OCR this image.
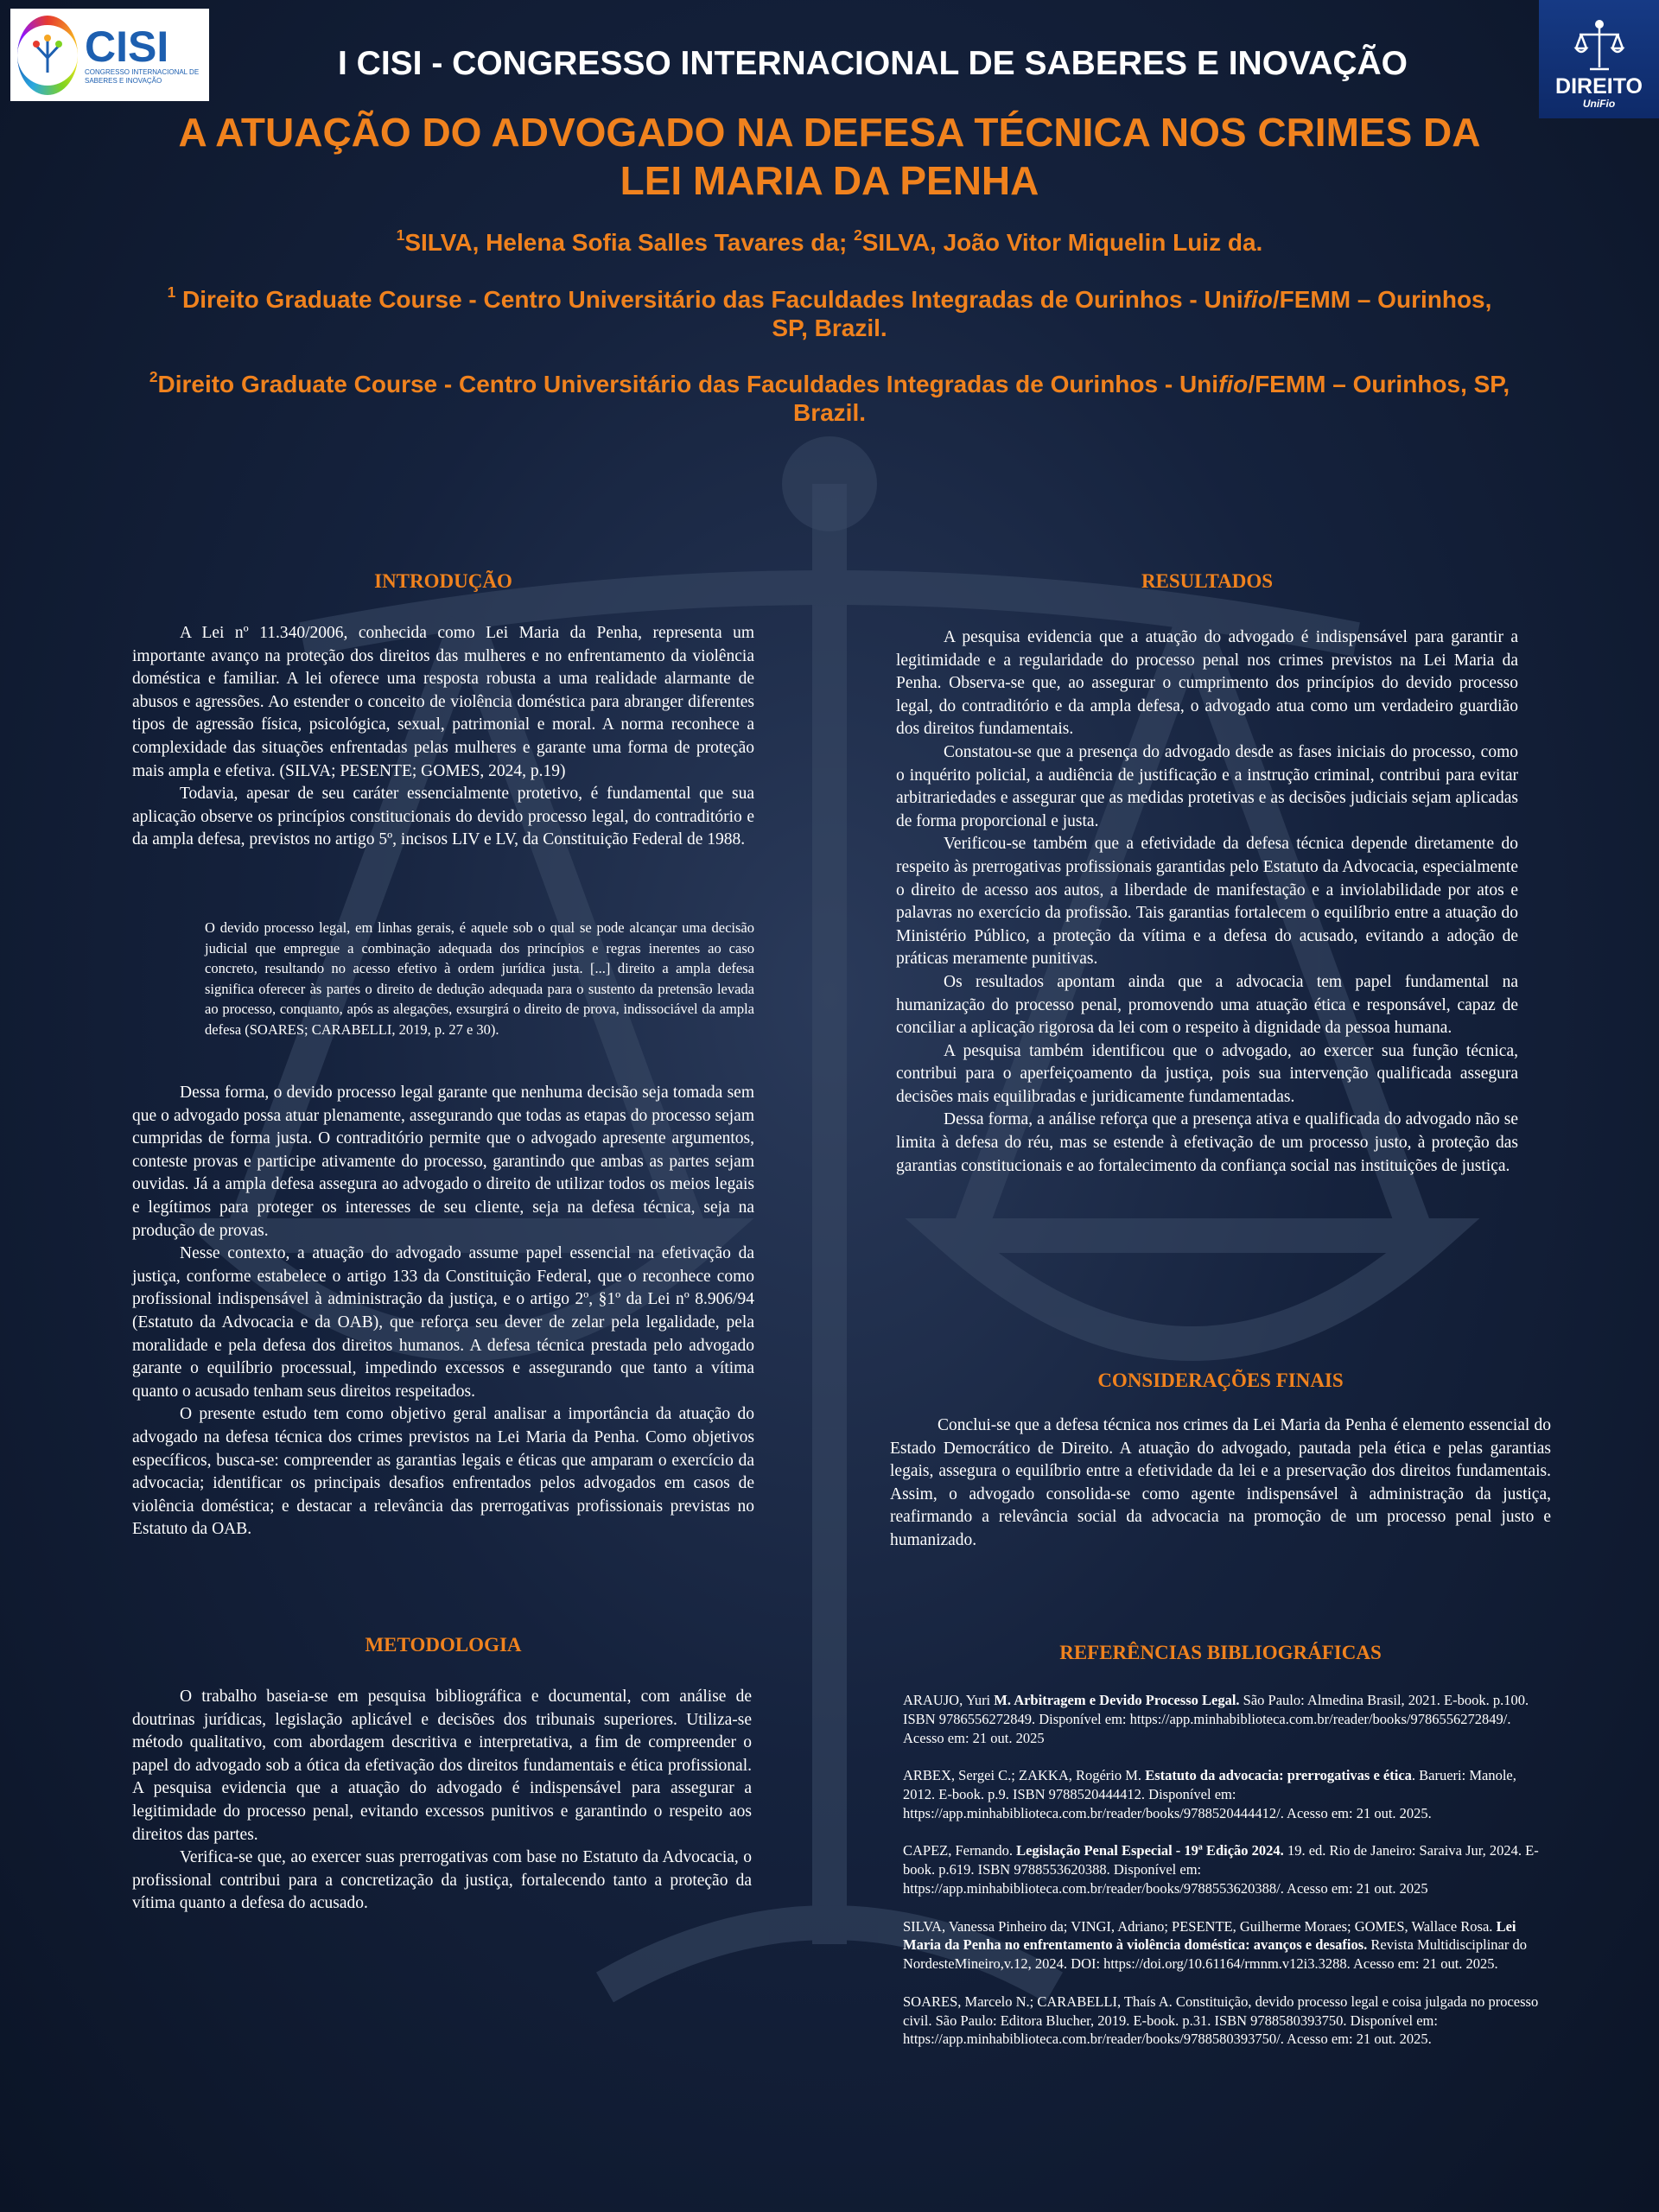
CISI
CONGRESSO INTERNACIONAL DE SABERES E INOVAÇÃO	DIREITO
UniFio
I CISI - CONGRESSO INTERNACIONAL DE SABERES E INOVAÇÃO
A ATUAÇÃO DO ADVOGADO NA DEFESA TÉCNICA NOS CRIMES DA
LEI MARIA DA PENHA
$^1$SILVA, Helena Sofia Salles Tavares da; $^2$SILVA, João Vitor Miquelin Luiz da.
$^1$ Direito Graduate Course - Centro Universitário das Faculdades Integradas de Ourinhos - Unifio/FEMM – Ourinhos,
SP, Brazil.
$^2$Direito Graduate Course - Centro Universitário das Faculdades Integradas de Ourinhos - Unifio/FEMM – Ourinhos, SP,
Brazil.
INTRODUÇÃO

A Lei nº 11.340/2006, conhecida como Lei Maria da Penha, representa um importante avanço na proteção dos direitos das mulheres e no enfrentamento da violência doméstica e familiar. A lei oferece uma resposta robusta a uma realidade alarmante de abusos e agressões. Ao estender o conceito de violência doméstica para abranger diferentes tipos de agressão física, psicológica, sexual, patrimonial e moral. A norma reconhece a complexidade das situações enfrentadas pelas mulheres e garante uma forma de proteção mais ampla e efetiva. (SILVA; PESENTE; GOMES, 2024, p.19)

Todavia, apesar de seu caráter essencialmente protetivo, é fundamental que sua aplicação observe os princípios constitucionais do devido processo legal, do contraditório e da ampla defesa, previstos no artigo 5º, incisos LIV e LV, da Constituição Federal de 1988.

O devido processo legal, em linhas gerais, é aquele sob o qual se pode alcançar uma decisão judicial que empregue a combinação adequada dos princípios e regras inerentes ao caso concreto, resultando no acesso efetivo à ordem jurídica justa. [...] direito a ampla defesa significa oferecer às partes o direito de dedução adequada para o sustento da pretensão levada ao processo, conquanto, após as alegações, exsurgirá o direito de prova, indissociável da ampla defesa (SOARES; CARABELLI, 2019, p. 27 e 30).

Dessa forma, o devido processo legal garante que nenhuma decisão seja tomada sem que o advogado possa atuar plenamente, assegurando que todas as etapas do processo sejam cumpridas de forma justa. O contraditório permite que o advogado apresente argumentos, conteste provas e participe ativamente do processo, garantindo que ambas as partes sejam ouvidas. Já a ampla defesa assegura ao advogado o direito de utilizar todos os meios legais e legítimos para proteger os interesses de seu cliente, seja na defesa técnica, seja na produção de provas.

Nesse contexto, a atuação do advogado assume papel essencial na efetivação da justiça, conforme estabelece o artigo 133 da Constituição Federal, que o reconhece como profissional indispensável à administração da justiça, e o artigo 2º, §1º da Lei nº 8.906/94 (Estatuto da Advocacia e da OAB), que reforça seu dever de zelar pela legalidade, pela moralidade e pela defesa dos direitos humanos. A defesa técnica prestada pelo advogado garante o equilíbrio processual, impedindo excessos e assegurando que tanto a vítima quanto o acusado tenham seus direitos respeitados.

O presente estudo tem como objetivo geral analisar a importância da atuação do advogado na defesa técnica dos crimes previstos na Lei Maria da Penha. Como objetivos específicos, busca-se: compreender as garantias legais e éticas que amparam o exercício da advocacia; identificar os principais desafios enfrentados pelos advogados em casos de violência doméstica; e destacar a relevância das prerrogativas profissionais previstas no Estatuto da OAB.

METODOLOGIA

O trabalho baseia-se em pesquisa bibliográfica e documental, com análise de doutrinas jurídicas, legislação aplicável e decisões dos tribunais superiores. Utiliza-se método qualitativo, com abordagem descritiva e interpretativa, a fim de compreender o papel do advogado sob a ótica da efetivação dos direitos fundamentais e ética profissional. A pesquisa evidencia que a atuação do advogado é indispensável para assegurar a legitimidade do processo penal, evitando excessos punitivos e garantindo o respeito aos direitos das partes.

Verifica-se que, ao exercer suas prerrogativas com base no Estatuto da Advocacia, o profissional contribui para a concretização da justiça, fortalecendo tanto a proteção da vítima quanto a defesa do acusado.

RESULTADOS

A pesquisa evidencia que a atuação do advogado é indispensável para garantir a legitimidade e a regularidade do processo penal nos crimes previstos na Lei Maria da Penha. Observa-se que, ao assegurar o cumprimento dos princípios do devido processo legal, do contraditório e da ampla defesa, o advogado atua como um verdadeiro guardião dos direitos fundamentais.

Constatou-se que a presença do advogado desde as fases iniciais do processo, como o inquérito policial, a audiência de justificação e a instrução criminal, contribui para evitar arbitrariedades e assegurar que as medidas protetivas e as decisões judiciais sejam aplicadas de forma proporcional e justa.

Verificou-se também que a efetividade da defesa técnica depende diretamente do respeito às prerrogativas profissionais garantidas pelo Estatuto da Advocacia, especialmente o direito de acesso aos autos, a liberdade de manifestação e a inviolabilidade por atos e palavras no exercício da profissão. Tais garantias fortalecem o equilíbrio entre a atuação do Ministério Público, a proteção da vítima e a defesa do acusado, evitando a adoção de práticas meramente punitivas.

Os resultados apontam ainda que a advocacia tem papel fundamental na humanização do processo penal, promovendo uma atuação ética e responsável, capaz de conciliar a aplicação rigorosa da lei com o respeito à dignidade da pessoa humana.

A pesquisa também identificou que o advogado, ao exercer sua função técnica, contribui para o aperfeiçoamento da justiça, pois sua intervenção qualificada assegura decisões mais equilibradas e juridicamente fundamentadas.

Dessa forma, a análise reforça que a presença ativa e qualificada do advogado não se limita à defesa do réu, mas se estende à efetivação de um processo justo, à proteção das garantias constitucionais e ao fortalecimento da confiança social nas instituições de justiça.

CONSIDERAÇÕES FINAIS

Conclui-se que a defesa técnica nos crimes da Lei Maria da Penha é elemento essencial do Estado Democrático de Direito. A atuação do advogado, pautada pela ética e pelas garantias legais, assegura o equilíbrio entre a efetividade da lei e a preservação dos direitos fundamentais. Assim, o advogado consolida-se como agente indispensável à administração da justiça, reafirmando a relevância social da advocacia na promoção de um processo penal justo e humanizado.

REFERÊNCIAS BIBLIOGRÁFICAS
ARAUJO, Yuri M. Arbitragem e Devido Processo Legal. São Paulo: Almedina Brasil, 2021. E-book. p.100. ISBN 9786556272849. Disponível em: https://app.minhabiblioteca.com.br/reader/books/9786556272849/. Acesso em: 21 out. 2025
ARBEX, Sergei C.; ZAKKA, Rogério M. Estatuto da advocacia: prerrogativas e ética. Barueri: Manole, 2012. E-book. p.9. ISBN 9788520444412. Disponível em: https://app.minhabiblioteca.com.br/reader/books/9788520444412/. Acesso em: 21 out. 2025.
CAPEZ, Fernando. Legislação Penal Especial - 19ª Edição 2024. 19. ed. Rio de Janeiro: Saraiva Jur, 2024. E-book. p.619. ISBN 9788553620388. Disponível em: https://app.minhabiblioteca.com.br/reader/books/9788553620388/. Acesso em: 21 out. 2025
SILVA, Vanessa Pinheiro da; VINGI, Adriano; PESENTE, Guilherme Moraes; GOMES, Wallace Rosa. Lei Maria da Penha no enfrentamento à violência doméstica: avanços e desafios. Revista Multidisciplinar do NordesteMineiro,v.12, 2024. DOI: https://doi.org/10.61164/rmnm.v12i3.3288. Acesso em: 21 out. 2025.
SOARES, Marcelo N.; CARABELLI, Thaís A. Constituição, devido processo legal e coisa julgada no processo civil. São Paulo: Editora Blucher, 2019. E-book. p.31. ISBN 9788580393750. Disponível em: https://app.minhabiblioteca.com.br/reader/books/9788580393750/. Acesso em: 21 out. 2025.
